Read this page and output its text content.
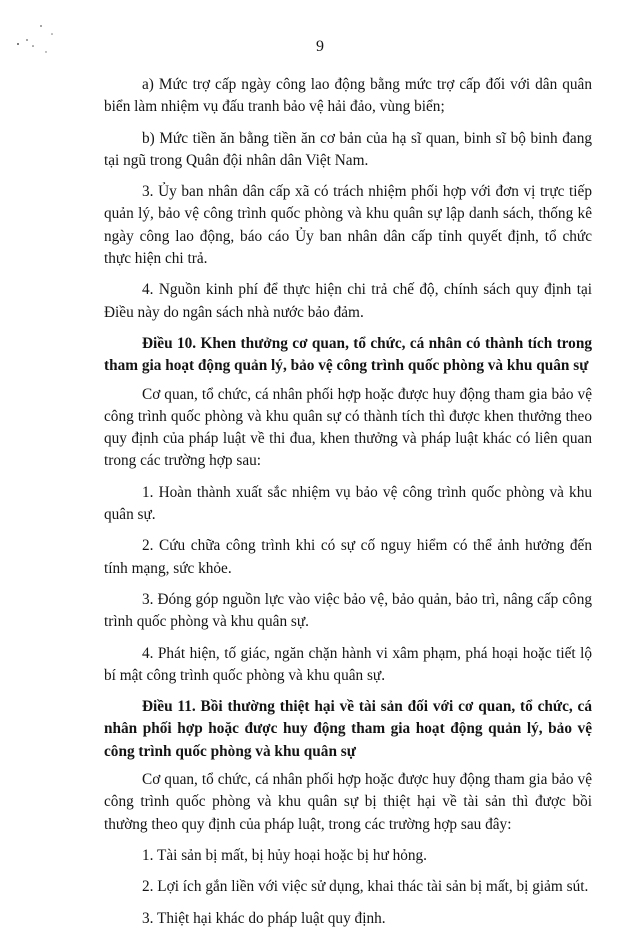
9

a) Mức trợ cấp ngày công lao động bằng mức trợ cấp đối với dân quân biển làm nhiệm vụ đấu tranh bảo vệ hải đảo, vùng biển;

b) Mức tiền ăn bằng tiền ăn cơ bản của hạ sĩ quan, binh sĩ bộ binh đang tại ngũ trong Quân đội nhân dân Việt Nam.

3. Ủy ban nhân dân cấp xã có trách nhiệm phối hợp với đơn vị trực tiếp quản lý, bảo vệ công trình quốc phòng và khu quân sự lập danh sách, thống kê ngày công lao động, báo cáo Ủy ban nhân dân cấp tỉnh quyết định, tổ chức thực hiện chi trả.

4. Nguồn kinh phí để thực hiện chi trả chế độ, chính sách quy định tại Điều này do ngân sách nhà nước bảo đảm.

Điều 10. Khen thưởng cơ quan, tổ chức, cá nhân có thành tích trong tham gia hoạt động quản lý, bảo vệ công trình quốc phòng và khu quân sự

Cơ quan, tổ chức, cá nhân phối hợp hoặc được huy động tham gia bảo vệ công trình quốc phòng và khu quân sự có thành tích thì được khen thưởng theo quy định của pháp luật về thi đua, khen thưởng và pháp luật khác có liên quan trong các trường hợp sau:

1. Hoàn thành xuất sắc nhiệm vụ bảo vệ công trình quốc phòng và khu quân sự.

2. Cứu chữa công trình khi có sự cố nguy hiểm có thể ảnh hưởng đến tính mạng, sức khỏe.

3. Đóng góp nguồn lực vào việc bảo vệ, bảo quản, bảo trì, nâng cấp công trình quốc phòng và khu quân sự.

4. Phát hiện, tố giác, ngăn chặn hành vi xâm phạm, phá hoại hoặc tiết lộ bí mật công trình quốc phòng và khu quân sự.

Điều 11. Bồi thường thiệt hại về tài sản đối với cơ quan, tổ chức, cá nhân phối hợp hoặc được huy động tham gia hoạt động quản lý, bảo vệ công trình quốc phòng và khu quân sự

Cơ quan, tổ chức, cá nhân phối hợp hoặc được huy động tham gia bảo vệ công trình quốc phòng và khu quân sự bị thiệt hại về tài sản thì được bồi thường theo quy định của pháp luật, trong các trường hợp sau đây:

1. Tài sản bị mất, bị hủy hoại hoặc bị hư hỏng.

2. Lợi ích gắn liền với việc sử dụng, khai thác tài sản bị mất, bị giảm sút.

3. Thiệt hại khác do pháp luật quy định.
